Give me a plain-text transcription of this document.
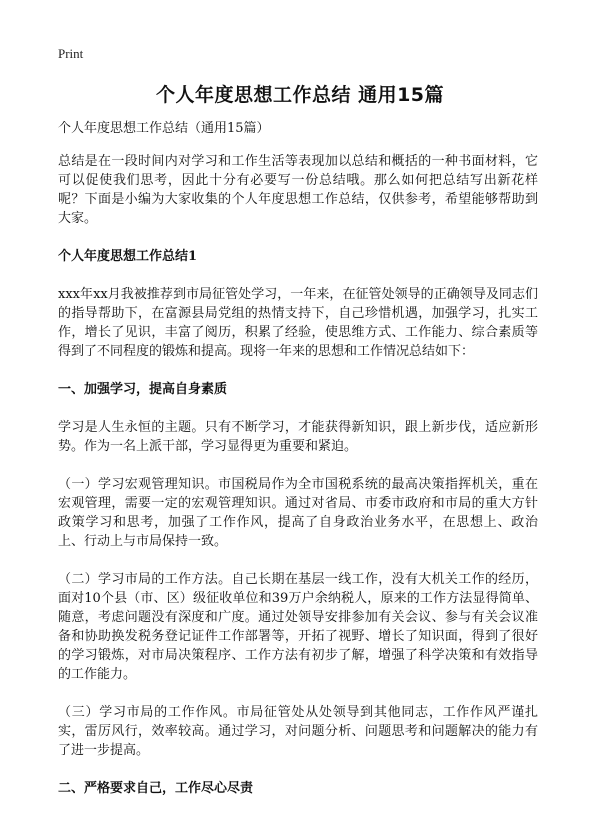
Print
个人年度思想工作总结 通用15篇

个人年度思想工作总结（通用15篇）

总结是在一段时间内对学习和工作生活等表现加以总结和概括的一种书面材料，它可以促使我们思考，因此十分有必要写一份总结哦。那么如何把总结写出新花样呢？下面是小编为大家收集的个人年度思想工作总结，仅供参考，希望能够帮助到大家。

个人年度思想工作总结1

xxx年xx月我被推荐到市局征管处学习，一年来，在征管处领导的正确领导及同志们的指导帮助下，在富源县局党组的热情支持下，自己珍惜机遇，加强学习，扎实工作，增长了见识，丰富了阅历，积累了经验，使思维方式、工作能力、综合素质等得到了不同程度的锻炼和提高。现将一年来的思想和工作情况总结如下：

一、加强学习，提高自身素质

学习是人生永恒的主题。只有不断学习，才能获得新知识，跟上新步伐，适应新形势。作为一名上派干部，学习显得更为重要和紧迫。

（一）学习宏观管理知识。市国税局作为全市国税系统的最高决策指挥机关，重在宏观管理，需要一定的宏观管理知识。通过对省局、市委市政府和市局的重大方针政策学习和思考，加强了工作作风，提高了自身政治业务水平，在思想上、政治上、行动上与市局保持一致。

（二）学习市局的工作方法。自己长期在基层一线工作，没有大机关工作的经历，面对10个县（市、区）级征收单位和39万户余纳税人，原来的工作方法显得简单、随意，考虑问题没有深度和广度。通过处领导安排参加有关会议、参与有关会议准备和协助换发税务登记证件工作部署等，开拓了视野、增长了知识面，得到了很好的学习锻炼，对市局决策程序、工作方法有初步了解，增强了科学决策和有效指导的工作能力。

（三）学习市局的工作作风。市局征管处从处领导到其他同志，工作作风严谨扎实，雷厉风行，效率较高。通过学习，对问题分析、问题思考和问题解决的能力有了进一步提高。

二、严格要求自己，工作尽心尽责
